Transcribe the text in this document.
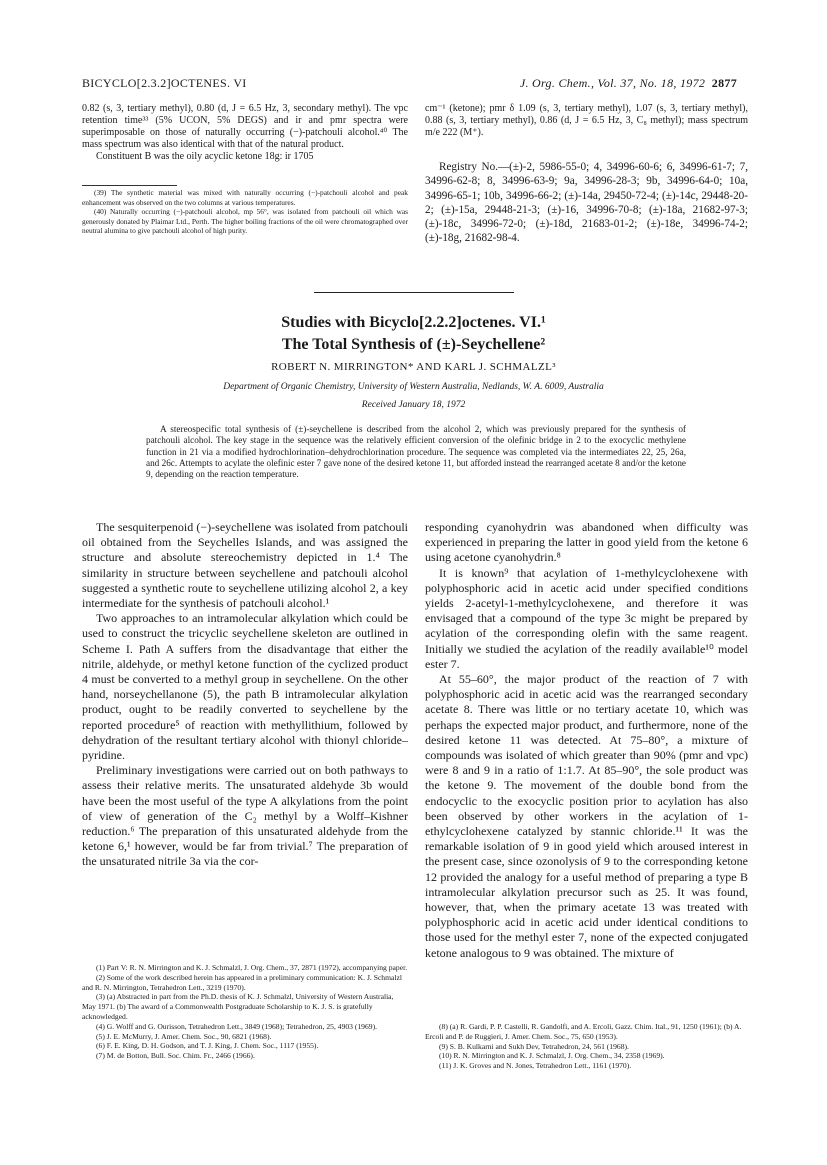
BICYCLO[2.3.2]OCTENES. VI	J. Org. Chem., Vol. 37, No. 18, 1972 2877
0.82 (s, 3, tertiary methyl), 0.80 (d, J = 6.5 Hz, 3, secondary methyl). The vpc retention time³³ (5% UCON, 5% DEGS) and ir and pmr spectra were superimposable on those of naturally occurring (−)-patchouli alcohol.⁴⁰ The mass spectrum was also identical with that of the natural product.
Constituent B was the oily acyclic ketone 18g: ir 1705
(39) The synthetic material was mixed with naturally occurring (−)-patchouli alcohol and peak enhancement was observed on the two columns at various temperatures.
(40) Naturally occurring (−)-patchouli alcohol, mp 56°, was isolated from patchouli oil which was generously donated by Plaimar Ltd., Perth. The higher boiling fractions of the oil were chromatographed over neutral alumina to give patchouli alcohol of high purity.
cm⁻¹ (ketone); pmr δ 1.09 (s, 3, tertiary methyl), 1.07 (s, 3, tertiary methyl), 0.88 (s, 3, tertiary methyl), 0.86 (d, J = 6.5 Hz, 3, C₈ methyl); mass spectrum m/e 222 (M⁺).
Registry No.—(±)-2, 5986-55-0; 4, 34996-60-6; 6, 34996-61-7; 7, 34996-62-8; 8, 34996-63-9; 9a, 34996-28-3; 9b, 34996-64-0; 10a, 34996-65-1; 10b, 34996-66-2; (±)-14a, 29450-72-4; (±)-14c, 29448-20-2; (±)-15a, 29448-21-3; (±)-16, 34996-70-8; (±)-18a, 21682-97-3; (±)-18c, 34996-72-0; (±)-18d, 21683-01-2; (±)-18e, 34996-74-2; (±)-18g, 21682-98-4.
Studies with Bicyclo[2.2.2]octenes. VI.¹
The Total Synthesis of (±)-Seychellene²
ROBERT N. MIRRINGTON* AND KARL J. SCHMALZL³
Department of Organic Chemistry, University of Western Australia, Nedlands, W. A. 6009, Australia
Received January 18, 1972
A stereospecific total synthesis of (±)-seychellene is described from the alcohol 2, which was previously prepared for the synthesis of patchouli alcohol. The key stage in the sequence was the relatively efficient conversion of the olefinic bridge in 2 to the exocyclic methylene function in 21 via a modified hydrochlorination–dehydrochlorination procedure. The sequence was completed via the intermediates 22, 25, 26a, and 26c. Attempts to acylate the olefinic ester 7 gave none of the desired ketone 11, but afforded instead the rearranged acetate 8 and/or the ketone 9, depending on the reaction temperature.

The sesquiterpenoid (−)-seychellene was isolated from patchouli oil obtained from the Seychelles Islands, and was assigned the structure and absolute stereochemistry depicted in 1.⁴ The similarity in structure between seychellene and patchouli alcohol suggested a synthetic route to seychellene utilizing alcohol 2, a key intermediate for the synthesis of patchouli alcohol.¹

Two approaches to an intramolecular alkylation which could be used to construct the tricyclic seychellene skeleton are outlined in Scheme I. Path A suffers from the disadvantage that either the nitrile, aldehyde, or methyl ketone function of the cyclized product 4 must be converted to a methyl group in seychellene. On the other hand, norseychellanone (5), the path B intramolecular alkylation product, ought to be readily converted to seychellene by the reported procedure⁵ of reaction with methyllithium, followed by dehydration of the resultant tertiary alcohol with thionyl chloride–pyridine.

Preliminary investigations were carried out on both pathways to assess their relative merits. The unsaturated aldehyde 3b would have been the most useful of the type A alkylations from the point of view of generation of the C₂ methyl by a Wolff–Kishner reduction.⁶ The preparation of this unsaturated aldehyde from the ketone 6,¹ however, would be far from trivial.⁷ The preparation of the unsaturated nitrile 3a via the cor-

responding cyanohydrin was abandoned when difficulty was experienced in preparing the latter in good yield from the ketone 6 using acetone cyanohydrin.⁸

It is known⁹ that acylation of 1-methylcyclohexene with polyphosphoric acid in acetic acid under specified conditions yields 2-acetyl-1-methylcyclohexene, and therefore it was envisaged that a compound of the type 3c might be prepared by acylation of the corresponding olefin with the same reagent. Initially we studied the acylation of the readily available¹⁰ model ester 7.

At 55–60°, the major product of the reaction of 7 with polyphosphoric acid in acetic acid was the rearranged secondary acetate 8. There was little or no tertiary acetate 10, which was perhaps the expected major product, and furthermore, none of the desired ketone 11 was detected. At 75–80°, a mixture of compounds was isolated of which greater than 90% (pmr and vpc) were 8 and 9 in a ratio of 1:1.7. At 85–90°, the sole product was the ketone 9. The movement of the double bond from the endocyclic to the exocyclic position prior to acylation has also been observed by other workers in the acylation of 1-ethylcyclohexene catalyzed by stannic chloride.¹¹ It was the remarkable isolation of 9 in good yield which aroused interest in the present case, since ozonolysis of 9 to the corresponding ketone 12 provided the analogy for a useful method of preparing a type B intramolecular alkylation precursor such as 25. It was found, however, that, when the primary acetate 13 was treated with polyphosphoric acid in acetic acid under identical conditions to those used for the methyl ester 7, none of the expected conjugated ketone analogous to 9 was obtained. The mixture of

(1) Part V: R. N. Mirrington and K. J. Schmalzl, J. Org. Chem., 37, 2871 (1972), accompanying paper.
(2) Some of the work described herein has appeared in a preliminary communication: K. J. Schmalzl and R. N. Mirrington, Tetrahedron Lett., 3219 (1970).
(3) (a) Abstracted in part from the Ph.D. thesis of K. J. Schmalzl, University of Western Australia, May 1971. (b) The award of a Commonwealth Postgraduate Scholarship to K. J. S. is gratefully acknowledged.
(4) G. Wolff and G. Ourisson, Tetrahedron Lett., 3849 (1968); Tetrahedron, 25, 4903 (1969).
(5) J. E. McMurry, J. Amer. Chem. Soc., 90, 6821 (1968).
(6) F. E. King, D. H. Godson, and T. J. King, J. Chem. Soc., 1117 (1955).
(7) M. de Botton, Bull. Soc. Chim. Fr., 2466 (1966).
(8) (a) R. Gardi, P. P. Castelli, R. Gandolfi, and A. Ercoli, Gazz. Chim. Ital., 91, 1250 (1961); (b) A. Ercoli and P. de Ruggieri, J. Amer. Chem. Soc., 75, 650 (1953).
(9) S. B. Kulkarni and Sukh Dev, Tetrahedron, 24, 561 (1968).
(10) R. N. Mirrington and K. J. Schmalzl, J. Org. Chem., 34, 2358 (1969).
(11) J. K. Groves and N. Jones, Tetrahedron Lett., 1161 (1970).
